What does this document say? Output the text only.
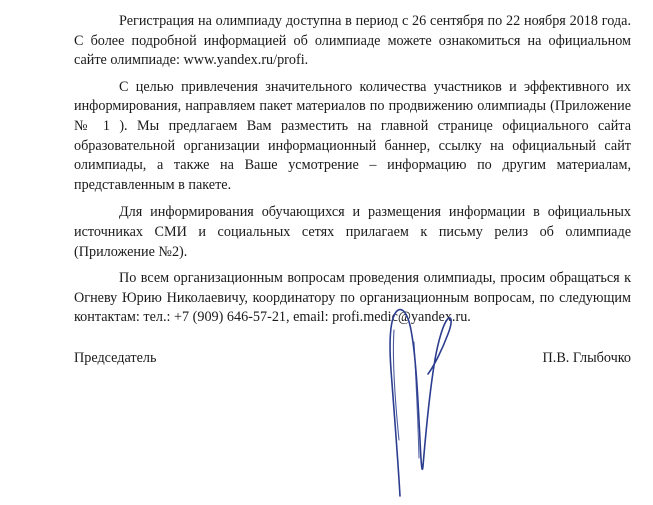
Регистрация на олимпиаду доступна в период с 26 сентября по 22 ноября 2018 года. С более подробной информацией об олимпиаде можете ознакомиться на официальном сайте олимпиаде: www.yandex.ru/profi.

С целью привлечения значительного количества участников и эффективного их информирования, направляем пакет материалов по продвижению олимпиады (Приложение № 1 ). Мы предлагаем Вам разместить на главной странице официального сайта образовательной организации информационный баннер, ссылку на официальный сайт олимпиады, а также на Ваше усмотрение – информацию по другим материалам, представленным в пакете.

Для информирования обучающихся и размещения информации в официальных источниках СМИ и социальных сетях прилагаем к письму релиз об олимпиаде (Приложение №2).

По всем организационным вопросам проведения олимпиады, просим обращаться к Огневу Юрию Николаевичу, координатору по организационным вопросам, по следующим контактам: тел.: +7 (909) 646-57-21, email: profi.medic@yandex.ru.

Председатель	П.В. Глыбочко
